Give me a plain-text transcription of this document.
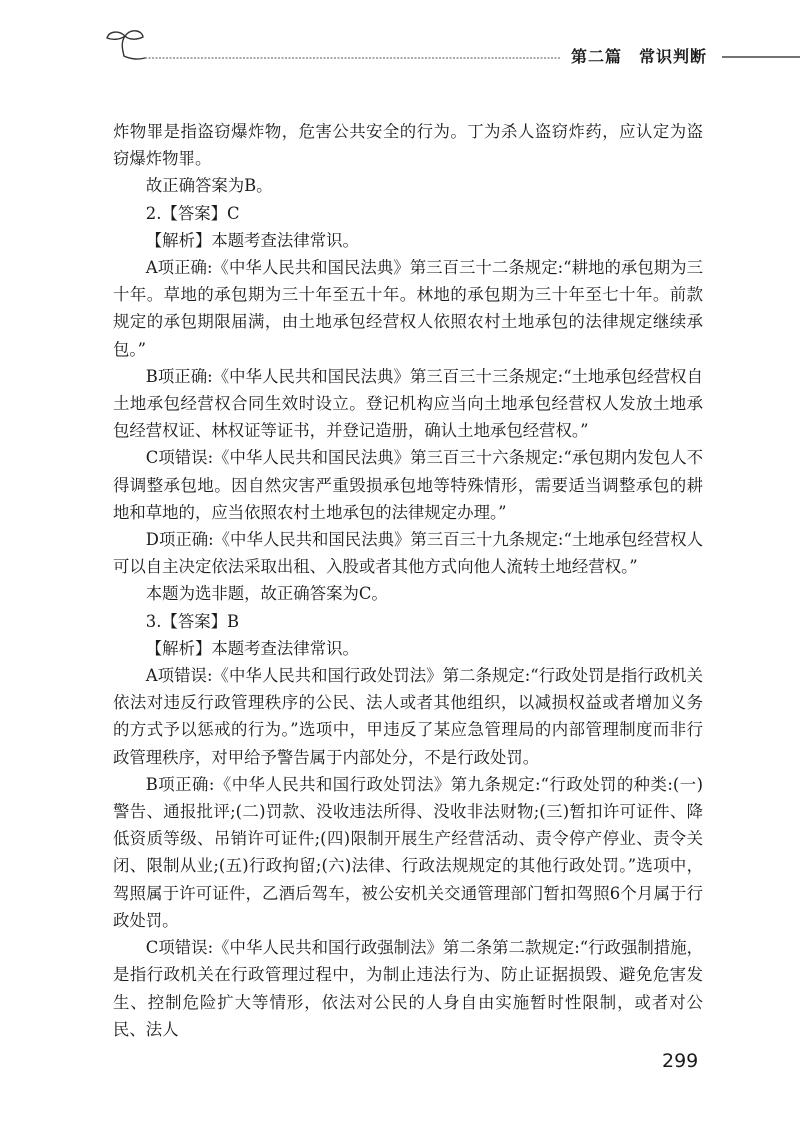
第二篇　常识判断

炸物罪是指盗窃爆炸物，危害公共安全的行为。丁为杀人盗窃炸药，应认定为盗窃爆炸物罪。

故正确答案为B。

2.【答案】C

【解析】本题考查法律常识。

A项正确:《中华人民共和国民法典》第三百三十二条规定:“耕地的承包期为三十年。草地的承包期为三十年至五十年。林地的承包期为三十年至七十年。前款规定的承包期限届满，由土地承包经营权人依照农村土地承包的法律规定继续承包。”

B项正确:《中华人民共和国民法典》第三百三十三条规定:“土地承包经营权自土地承包经营权合同生效时设立。登记机构应当向土地承包经营权人发放土地承包经营权证、林权证等证书，并登记造册，确认土地承包经营权。”

C项错误:《中华人民共和国民法典》第三百三十六条规定:“承包期内发包人不得调整承包地。因自然灾害严重毁损承包地等特殊情形，需要适当调整承包的耕地和草地的，应当依照农村土地承包的法律规定办理。”

D项正确:《中华人民共和国民法典》第三百三十九条规定:“土地承包经营权人可以自主决定依法采取出租、入股或者其他方式向他人流转土地经营权。”

本题为选非题，故正确答案为C。

3.【答案】B

【解析】本题考查法律常识。

A项错误:《中华人民共和国行政处罚法》第二条规定:“行政处罚是指行政机关依法对违反行政管理秩序的公民、法人或者其他组织，以减损权益或者增加义务的方式予以惩戒的行为。”选项中，甲违反了某应急管理局的内部管理制度而非行政管理秩序，对甲给予警告属于内部处分，不是行政处罚。

B项正确:《中华人民共和国行政处罚法》第九条规定:“行政处罚的种类:(一)警告、通报批评;(二)罚款、没收违法所得、没收非法财物;(三)暂扣许可证件、降低资质等级、吊销许可证件;(四)限制开展生产经营活动、责令停产停业、责令关闭、限制从业;(五)行政拘留;(六)法律、行政法规规定的其他行政处罚。”选项中，驾照属于许可证件，乙酒后驾车，被公安机关交通管理部门暂扣驾照6个月属于行政处罚。

C项错误:《中华人民共和国行政强制法》第二条第二款规定:“行政强制措施，是指行政机关在行政管理过程中，为制止违法行为、防止证据损毁、避免危害发生、控制危险扩大等情形，依法对公民的人身自由实施暂时性限制，或者对公民、法人

299
